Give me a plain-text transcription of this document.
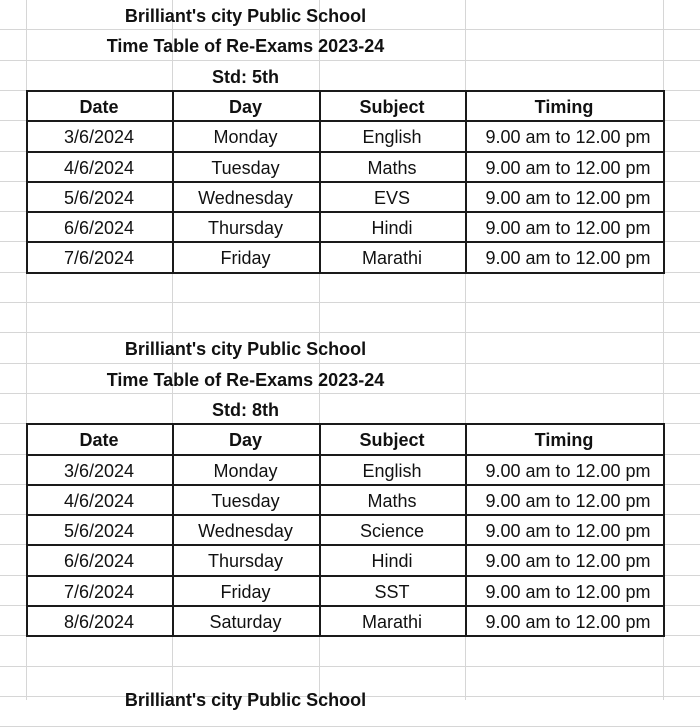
Brilliant's city Public School
Time Table of Re-Exams 2023-24
Std: 5th
Date	Day	Subject	Timing
3/6/2024	Monday	English	9.00 am to 12.00 pm
4/6/2024	Tuesday	Maths	9.00 am to 12.00 pm
5/6/2024	Wednesday	EVS	9.00 am to 12.00 pm
6/6/2024	Thursday	Hindi	9.00 am to 12.00 pm
7/6/2024	Friday	Marathi	9.00 am to 12.00 pm
Brilliant's city Public School
Time Table of Re-Exams 2023-24
Std: 8th
Date	Day	Subject	Timing
3/6/2024	Monday	English	9.00 am to 12.00 pm
4/6/2024	Tuesday	Maths	9.00 am to 12.00 pm
5/6/2024	Wednesday	Science	9.00 am to 12.00 pm
6/6/2024	Thursday	Hindi	9.00 am to 12.00 pm
7/6/2024	Friday	SST	9.00 am to 12.00 pm
8/6/2024	Saturday	Marathi	9.00 am to 12.00 pm
Brilliant's city Public School
